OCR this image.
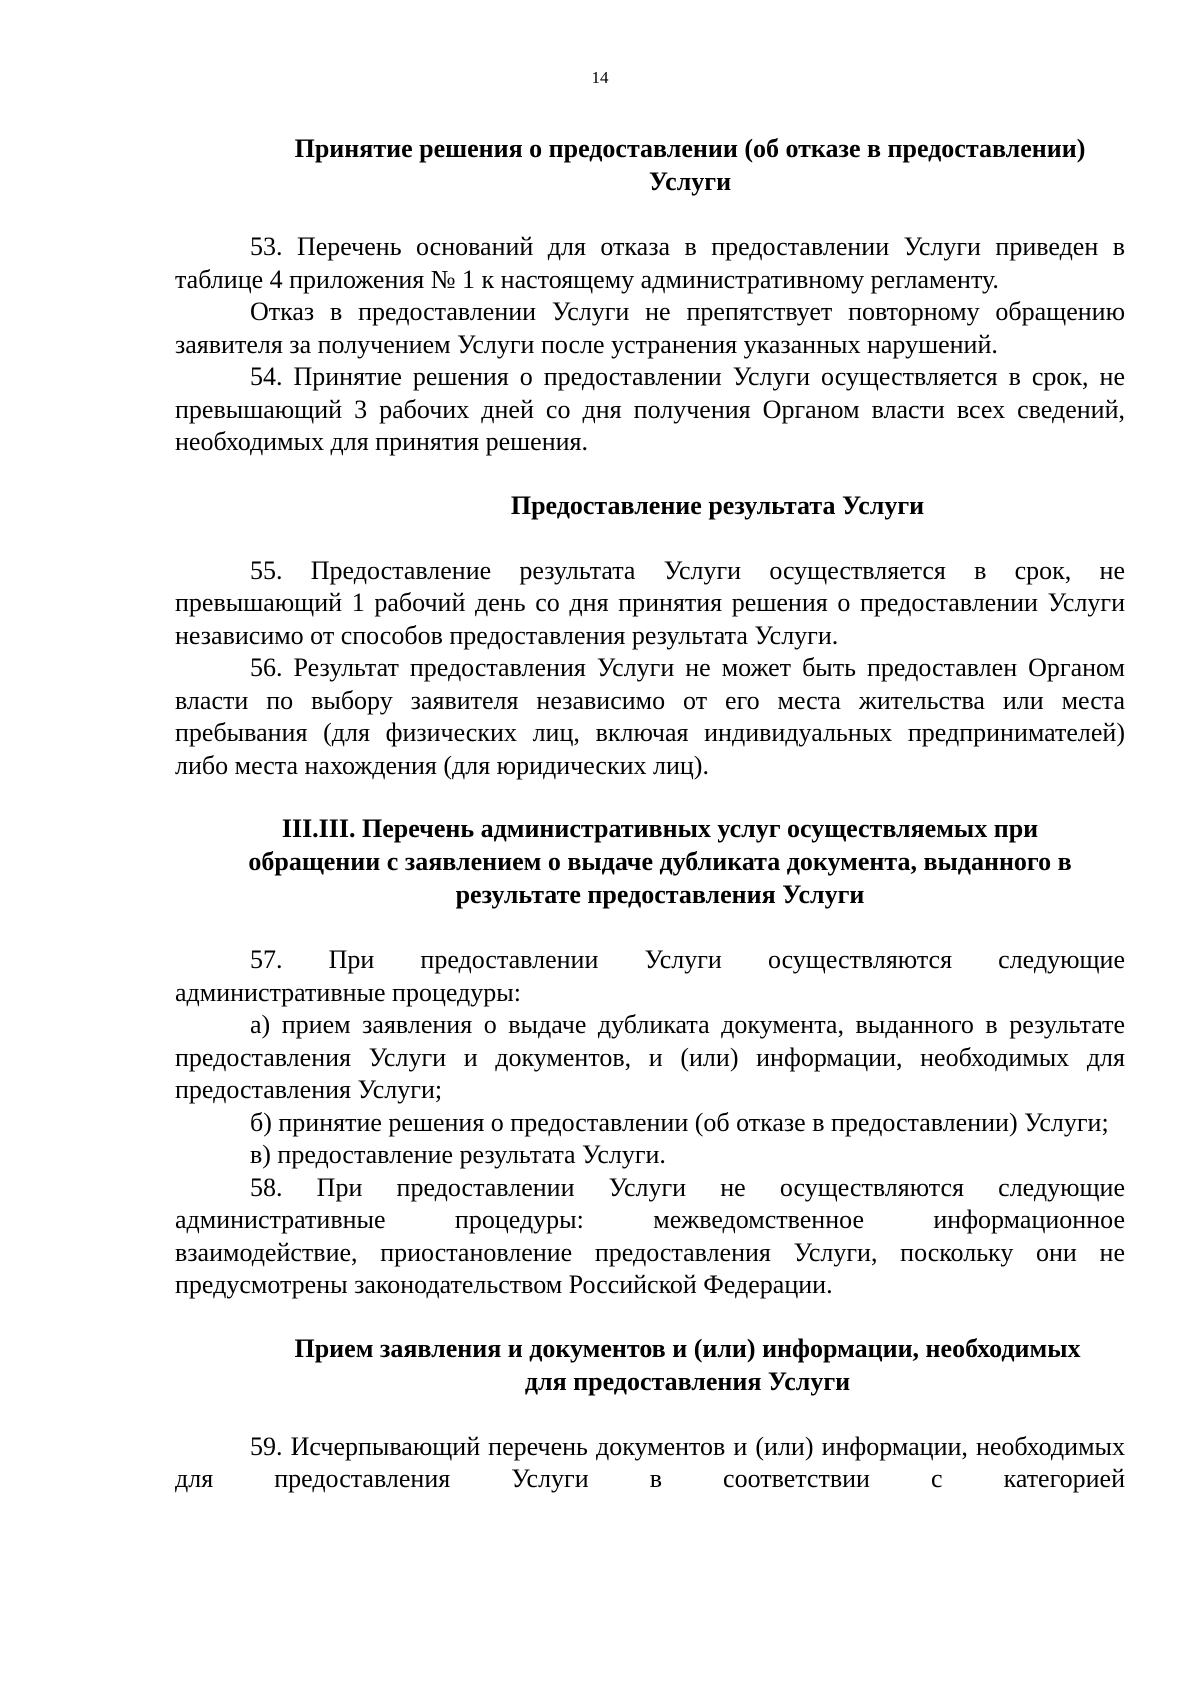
14

Принятие решения о предоставлении (об отказе в предоставлении)
Услуги

53. Перечень оснований для отказа в предоставлении Услуги приведен в таблице 4 приложения № 1 к настоящему административному регламенту.

Отказ в предоставлении Услуги не препятствует повторному обращению заявителя за получением Услуги после устранения указанных нарушений.

54. Принятие решения о предоставлении Услуги осуществляется в срок, не превышающий 3 рабочих дней со дня получения Органом власти всех сведений, необходимых для принятия решения.

Предоставление результата Услуги

55. Предоставление результата Услуги осуществляется в срок, не превышающий 1 рабочий день со дня принятия решения о предоставлении Услуги независимо от способов предоставления результата Услуги.

56. Результат предоставления Услуги не может быть предоставлен Органом власти по выбору заявителя независимо от его места жительства или места пребывания (для физических лиц, включая индивидуальных предпринимателей) либо места нахождения (для юридических лиц).

III.III. Перечень административных услуг осуществляемых при
обращении с заявлением о выдаче дубликата документа, выданного в
результате предоставления Услуги

57. При предоставлении Услуги осуществляются следующие административные процедуры:

а) прием заявления о выдаче дубликата документа, выданного в результате предоставления Услуги и документов, и (или) информации, необходимых для предоставления Услуги;

б) принятие решения о предоставлении (об отказе в предоставлении) Услуги;

в) предоставление результата Услуги.

58. При предоставлении Услуги не осуществляются следующие административные процедуры: межведомственное информационное взаимодействие, приостановление предоставления Услуги, поскольку они не предусмотрены законодательством Российской Федерации.

Прием заявления и документов и (или) информации, необходимых
для предоставления Услуги

59. Исчерпывающий перечень документов и (или) информации, необходимых для предоставления Услуги в соответствии с категорией
